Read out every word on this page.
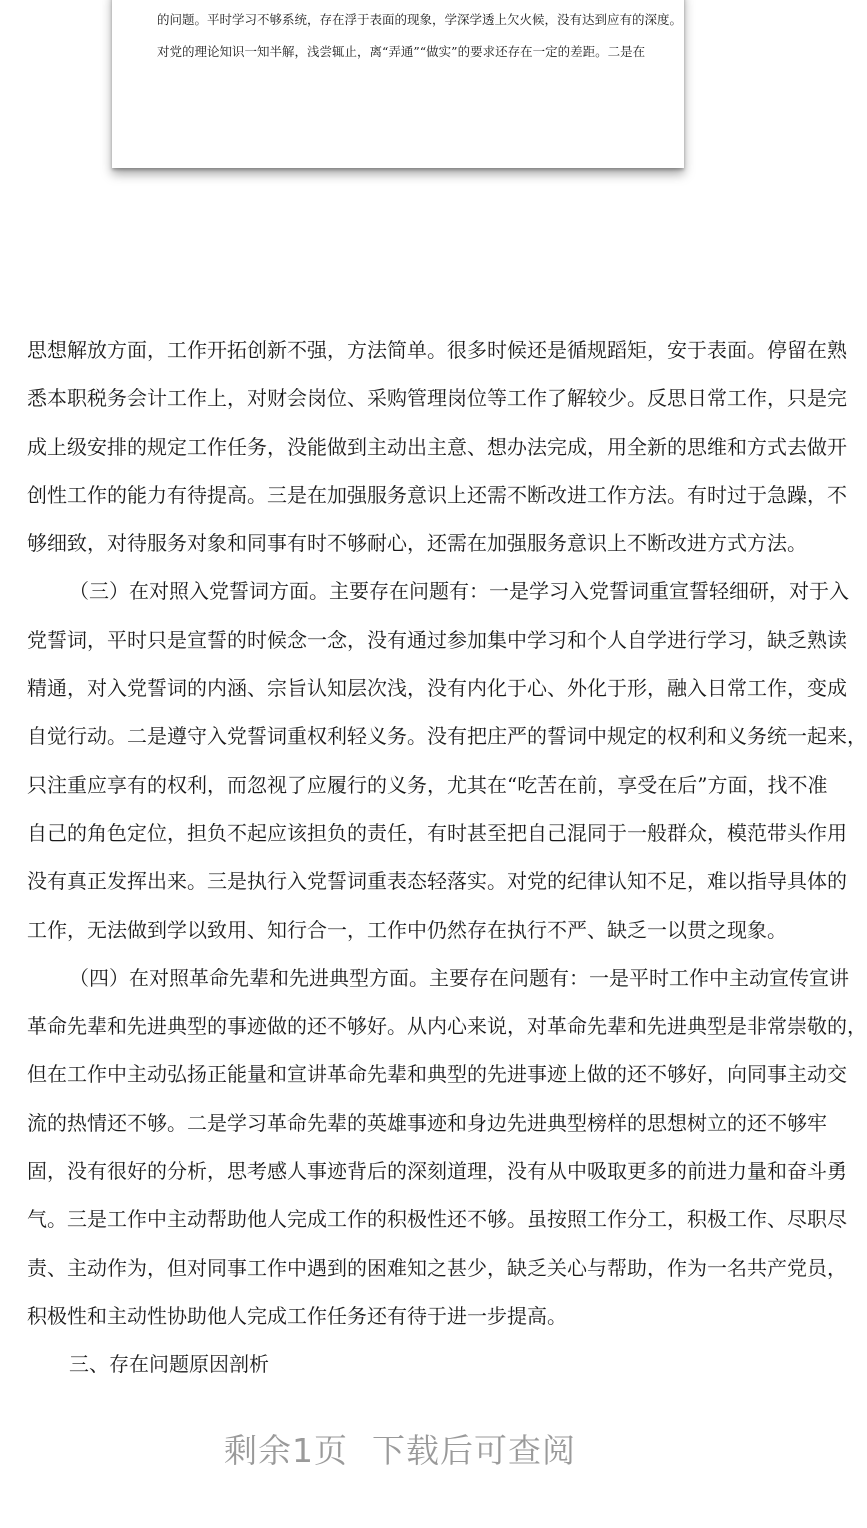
的问题。平时学习不够系统，存在浮于表面的现象，学深学透上欠火候，没有达到应有的深度。
对党的理论知识一知半解，浅尝辄止，离“弄通”“做实”的要求还存在一定的差距。二是在
思想解放方面，工作开拓创新不强，方法简单。很多时候还是循规蹈矩，安于表面。停留在熟
悉本职税务会计工作上，对财会岗位、采购管理岗位等工作了解较少。反思日常工作，只是完
成上级安排的规定工作任务，没能做到主动出主意、想办法完成，用全新的思维和方式去做开
创性工作的能力有待提高。三是在加强服务意识上还需不断改进工作方法。有时过于急躁，不
够细致，对待服务对象和同事有时不够耐心，还需在加强服务意识上不断改进方式方法。
（三）在对照入党誓词方面。主要存在问题有：一是学习入党誓词重宣誓轻细研，对于入
党誓词，平时只是宣誓的时候念一念，没有通过参加集中学习和个人自学进行学习，缺乏熟读
精通，对入党誓词的内涵、宗旨认知层次浅，没有内化于心、外化于形，融入日常工作，变成
自觉行动。二是遵守入党誓词重权利轻义务。没有把庄严的誓词中规定的权利和义务统一起来，
只注重应享有的权利，而忽视了应履行的义务，尤其在“吃苦在前，享受在后”方面，找不准
自己的角色定位，担负不起应该担负的责任，有时甚至把自己混同于一般群众，模范带头作用
没有真正发挥出来。三是执行入党誓词重表态轻落实。对党的纪律认知不足，难以指导具体的
工作，无法做到学以致用、知行合一，工作中仍然存在执行不严、缺乏一以贯之现象。
（四）在对照革命先辈和先进典型方面。主要存在问题有：一是平时工作中主动宣传宣讲
革命先辈和先进典型的事迹做的还不够好。从内心来说，对革命先辈和先进典型是非常崇敬的，
但在工作中主动弘扬正能量和宣讲革命先辈和典型的先进事迹上做的还不够好，向同事主动交
流的热情还不够。二是学习革命先辈的英雄事迹和身边先进典型榜样的思想树立的还不够牢
固，没有很好的分析，思考感人事迹背后的深刻道理，没有从中吸取更多的前进力量和奋斗勇
气。三是工作中主动帮助他人完成工作的积极性还不够。虽按照工作分工，积极工作、尽职尽
责、主动作为，但对同事工作中遇到的困难知之甚少，缺乏关心与帮助，作为一名共产党员，
积极性和主动性协助他人完成工作任务还有待于进一步提高。
三、存在问题原因剖析
剩余1页 下载后可查阅
